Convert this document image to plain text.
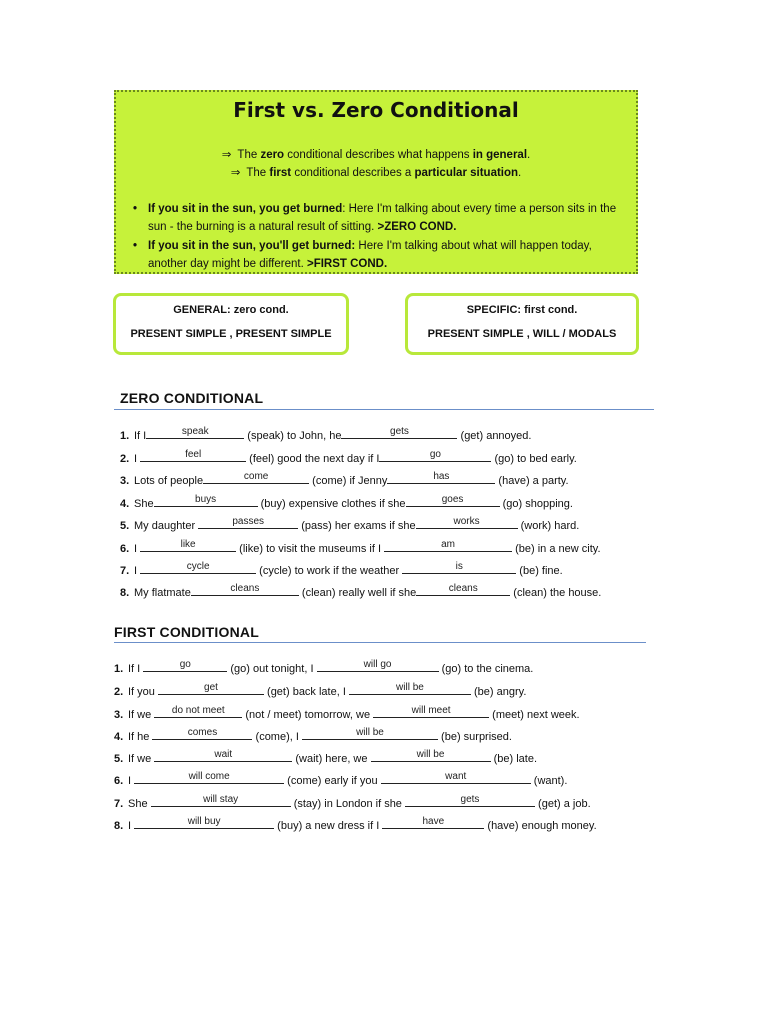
First vs. Zero Conditional
⇒ The zero conditional describes what happens in general.
⇒ The first conditional describes a particular situation.
• If you sit in the sun, you get burned: Here I'm talking about every time a person sits in the sun - the burning is a natural result of sitting. >ZERO COND.
• If you sit in the sun, you'll get burned: Here I'm talking about what will happen today, another day might be different. >FIRST COND.
GENERAL: zero cond.
PRESENT SIMPLE , PRESENT SIMPLE
SPECIFIC: first cond.
PRESENT SIMPLE , WILL / MODALS
ZERO CONDITIONAL
1. If I	speak	(speak) to John, he	gets	(get) annoyed.
2. I	feel	(feel) good the next day if I	go	(go) to bed early.
3. Lots of people	come	(come) if Jenny	has	(have) a party.
4. She	buys	(buy) expensive clothes if she	goes	(go) shopping.
5. My daughter	passes	(pass) her exams if she	works	(work) hard.
6. I	like	(like) to visit the museums if I	am	(be) in a new city.
7. I	cycle	(cycle) to work if the weather	is	(be) fine.
8. My flatmate	cleans	(clean) really well if she	cleans	(clean) the house.
FIRST CONDITIONAL
1. If I	go	(go) out tonight, I	will go	(go) to the cinema.
2. If you	get	(get) back late, I	will be	(be) angry.
3. If we	do not meet	(not / meet) tomorrow, we	will meet	(meet) next week.
4. If he	comes	(come), I	will be	(be) surprised.
5. If we	wait	(wait) here, we	will be	(be) late.
6. I	will come	(come) early if you	want	(want).
7. She	will stay	(stay) in London if she	gets	(get) a job.
8. I	will buy	(buy) a new dress if I	have	(have) enough money.
